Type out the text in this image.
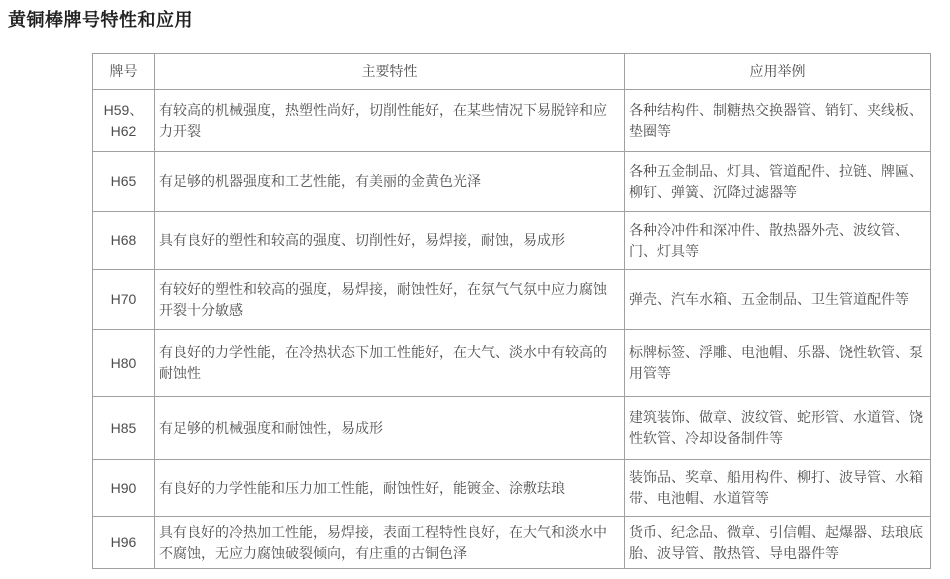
黄铜棒牌号特性和应用
牌号	主要特性	应用举例
H59、H62	有较高的机械强度，热塑性尚好，切削性能好，在某些情况下易脱锌和应力开裂	各种结构件、制糖热交换器管、销钉、夹线板、垫圈等
H65	有足够的机器强度和工艺性能，有美丽的金黄色光泽	各种五金制品、灯具、管道配件、拉链、牌匾、柳钉、弹簧、沉降过滤器等
H68	具有良好的塑性和较高的强度、切削性好，易焊接，耐蚀，易成形	各种冷冲件和深冲件、散热器外壳、波纹管、门、灯具等
H70	有较好的塑性和较高的强度，易焊接，耐蚀性好，在氛气气氛中应力腐蚀开裂十分敏感	弹壳、汽车水箱、五金制品、卫生管道配件等
H80	有良好的力学性能，在冷热状态下加工性能好，在大气、淡水中有较高的耐蚀性	标牌标签、浮雕、电池帽、乐器、饶性软管、泵用管等
H85	有足够的机械强度和耐蚀性，易成形	建筑装饰、做章、波纹管、蛇形管、水道管、饶性软管、冷却设备制件等
H90	有良好的力学性能和压力加工性能，耐蚀性好，能镀金、涂敷珐琅	装饰品、奖章、船用构件、柳打、波导管、水箱带、电池帽、水道管等
H96	具有良好的冷热加工性能，易焊接，表面工程特性良好，在大气和淡水中不腐蚀，无应力腐蚀破裂倾向，有庄重的古铜色泽	货币、纪念品、微章、引信帽、起爆器、珐琅底胎、波导管、散热管、导电器件等
